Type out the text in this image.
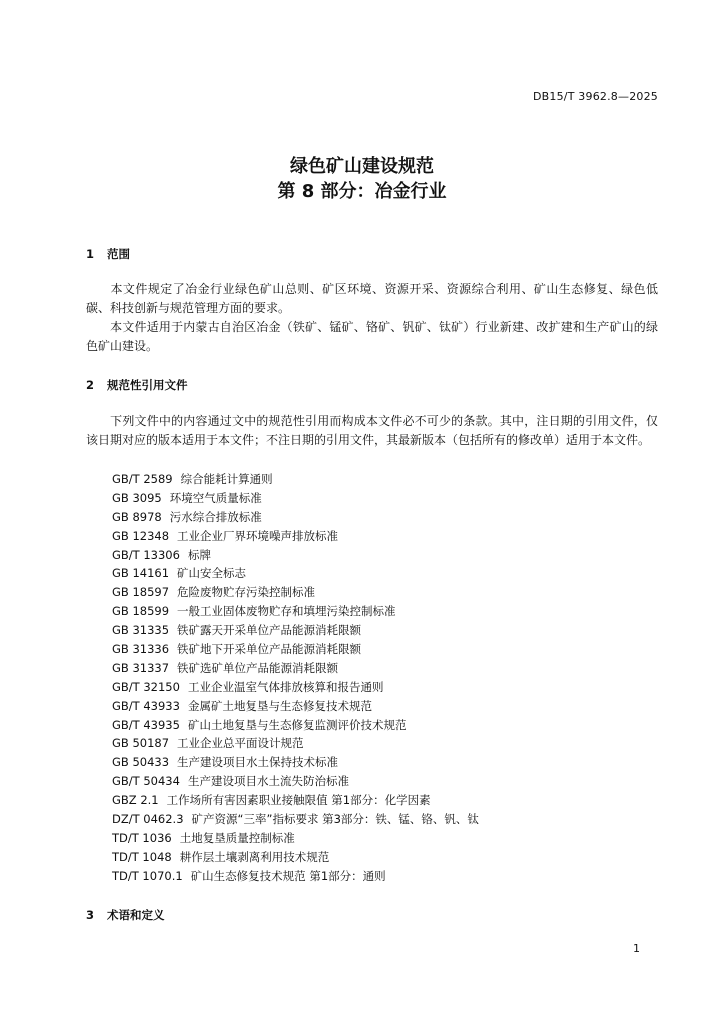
DB15/T 3962.8—2025
绿色矿山建设规范
第 8 部分：冶金行业
1 范围
本文件规定了冶金行业绿色矿山总则、矿区环境、资源开采、资源综合利用、矿山生态修复、绿色低碳、科技创新与规范管理方面的要求。
本文件适用于内蒙古自治区冶金（铁矿、锰矿、铬矿、钒矿、钛矿）行业新建、改扩建和生产矿山的绿色矿山建设。
2 规范性引用文件
下列文件中的内容通过文中的规范性引用而构成本文件必不可少的条款。其中，注日期的引用文件，仅该日期对应的版本适用于本文件；不注日期的引用文件，其最新版本（包括所有的修改单）适用于本文件。
GB/T 2589 综合能耗计算通则
GB 3095 环境空气质量标准
GB 8978 污水综合排放标准
GB 12348 工业企业厂界环境噪声排放标准
GB/T 13306 标牌
GB 14161 矿山安全标志
GB 18597 危险废物贮存污染控制标准
GB 18599 一般工业固体废物贮存和填埋污染控制标准
GB 31335 铁矿露天开采单位产品能源消耗限额
GB 31336 铁矿地下开采单位产品能源消耗限额
GB 31337 铁矿选矿单位产品能源消耗限额
GB/T 32150 工业企业温室气体排放核算和报告通则
GB/T 43933 金属矿土地复垦与生态修复技术规范
GB/T 43935 矿山土地复垦与生态修复监测评价技术规范
GB 50187 工业企业总平面设计规范
GB 50433 生产建设项目水土保持技术标准
GB/T 50434 生产建设项目水土流失防治标准
GBZ 2.1 工作场所有害因素职业接触限值 第1部分：化学因素
DZ/T 0462.3 矿产资源“三率”指标要求 第3部分：铁、锰、铬、钒、钛
TD/T 1036 土地复垦质量控制标准
TD/T 1048 耕作层土壤剥离利用技术规范
TD/T 1070.1 矿山生态修复技术规范 第1部分：通则
3 术语和定义
1
